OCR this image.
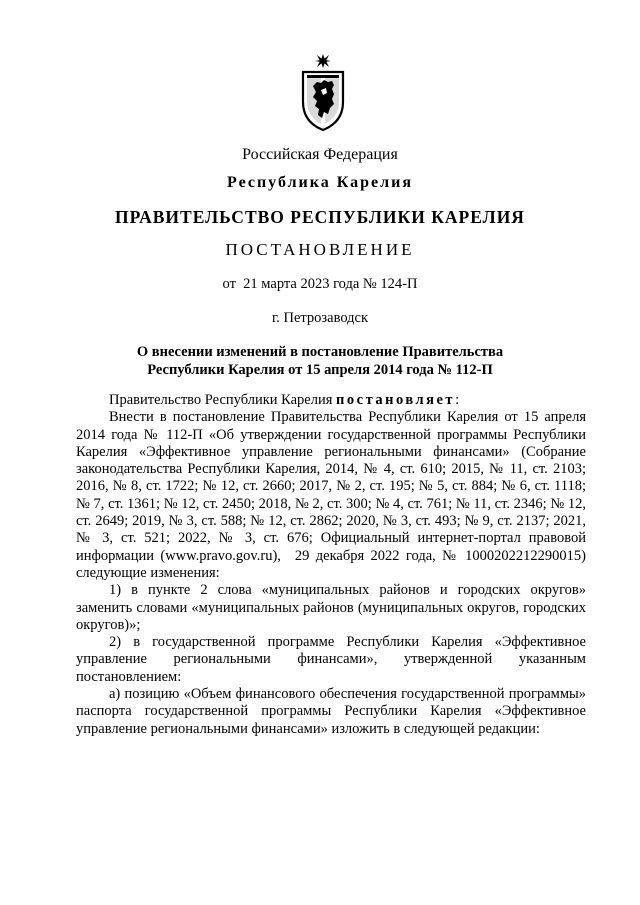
Российская Федерация
Республика Карелия
ПРАВИТЕЛЬСТВО РЕСПУБЛИКИ КАРЕЛИЯ
ПОСТАНОВЛЕНИЕ
от  21 марта 2023 года № 124-П
г. Петрозаводск
О внесении изменений в постановление Правительства
Республики Карелия от 15 апреля 2014 года № 112-П

Правительство Республики Карелия постановляет:

Внести в постановление Правительства Республики Карелия от 15 апреля 2014 года № 112-П «Об утверждении государственной программы Республики Карелия «Эффективное управление региональными финансами» (Собрание законодательства Республики Карелия, 2014, № 4, ст. 610; 2015, № 11, ст. 2103; 2016, № 8, ст. 1722; № 12, ст. 2660; 2017, № 2, ст. 195; № 5, ст. 884; № 6, ст. 1118; № 7, ст. 1361; № 12, ст. 2450; 2018, № 2, ст. 300; № 4, ст. 761; № 11, ст. 2346; № 12, ст. 2649; 2019, № 3, ст. 588; № 12, ст. 2862; 2020, № 3, ст. 493; № 9, ст. 2137; 2021, № 3, ст. 521; 2022, № 3, ст. 676; Официальный интернет-портал правовой информации (www.pravo.gov.ru), 29 декабря 2022 года, № 1000202212290015) следующие изменения:

1) в пункте 2 слова «муниципальных районов и городских округов» заменить словами «муниципальных районов (муниципальных округов, городских округов)»;

2) в государственной программе Республики Карелия «Эффективное управление региональными финансами», утвержденной указанным постановлением:

а) позицию «Объем финансового обеспечения государственной программы» паспорта государственной программы Республики Карелия «Эффективное управление региональными финансами» изложить в следующей редакции:
